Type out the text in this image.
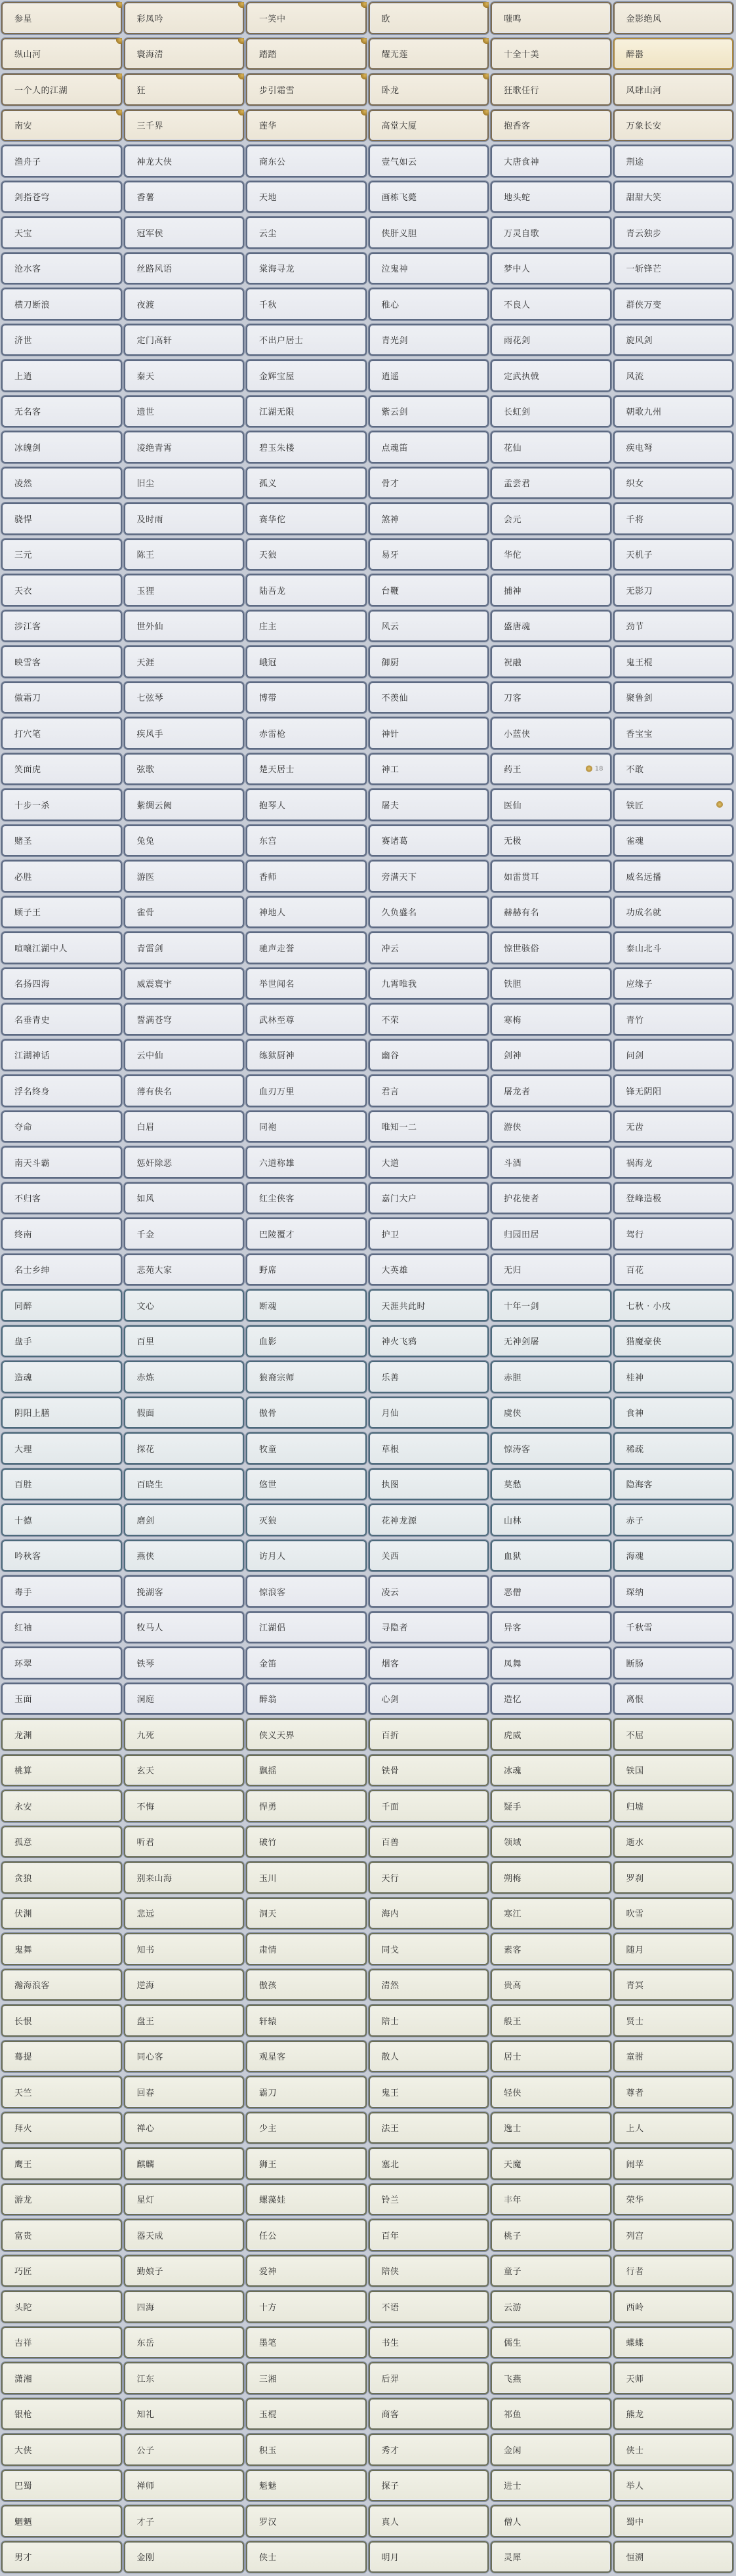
参星	彩凤吟	一笑中	欧	嗤鸣	金影绝风
纵山河	寰海清	踏踏	耀无莲	十全十美	醉嚣
一个人的江湖	狂	步引霜雪	卧龙	狂歌任行	风肆山河
南安	三千界	莲华	高堂大厦	抱香客	万象长安
渔舟子	神龙大侠	商东公	壹气如云	大唐食神	荆途
剑指苍穹	香薯	天地	画栋飞薨	地头蛇	甜甜大笑
天宝	冠军侯	云尘	侠肝义胆	万灵自歌	青云独步
沧水客	丝路风语	棠海寻龙	泣鬼神	梦中人	一斩锋芒
横刀断浪	夜渡	千秋	稚心	不良人	群侠万变
济世	定门高轩	不出户居士	青光剑	雨花剑	旋风剑
上逍	秦天	金辉宝屋	逍遥	定武执戟	风流
无名客	遗世	江湖无限	紫云剑	长虹剑	朝歌九州
冰魄剑	凌绝青霄	碧玉朱楼	点魂笛	花仙	疾电弩
凌然	旧尘	孤义	骨才	孟尝君	织女
骁悍	及时雨	赛华佗	煞神	会元	千将
三元	陈王	天狼	易牙	华佗	天机子
天衣	玉狸	陆吾龙	台鞭	捕神	无影刀
涉江客	世外仙	庄主	风云	盛唐魂	劲节
映雪客	天涯	峨冠	御厨	祝融	鬼王棍
傲霜刀	七弦琴	博带	不羡仙	刀客	聚鲁剑
打穴笔	疾风手	赤雷枪	神针	小蓝侠	香宝宝
笑面虎	弦歌	楚天居士	神工	药王	18	不敢
十步一杀	紫绸云阙	抱琴人	屠夫	医仙	铁匠
赌圣	兔兔	东宫	赛诸葛	无极	雀魂
必胜	游医	香师	旁满天下	如雷贯耳	威名远播
顾子王	雀骨	神地人	久负盛名	赫赫有名	功成名就
喧嚷江湖中人	青雷剑	驰声走誉	冲云	惊世骇俗	泰山北斗
名扬四海	威震寰宇	举世闻名	九霄唯我	铁胆	应缘子
名垂青史	誓满苍穹	武林至尊	不荣	寒梅	青竹
江湖神话	云中仙	练狱厨神	幽谷	剑神	问剑
浮名终身	薄有侠名	血刃万里	君言	屠龙者	锋无阴阳
夺命	白眉	同袍	唯知一二	游侠	无齿
南天斗霸	惩奸除恶	六道称雄	大道	斗酒	祸海龙
不归客	如风	红尘侠客	嘉门大户	护花使者	登峰造极
终南	千金	巴陵覆才	护卫	归园田居	驾行
名士乡绅	悲苑大家	野席	大英雄	无归	百花
同醉	文心	断魂	天涯共此时	十年一剑	七秋 · 小戌
盘手	百里	血影	神火飞鸦	无神剑屠	猎魔豪侠
造魂	赤炼	狼裔宗师	乐善	赤胆	桂神
阴阳上膳	假面	傲骨	月仙	虞侠	食神
大理	探花	牧童	草根	惊涛客	稀疏
百胜	百晓生	悠世	执图	莫愁	隐海客
十德	磨剑	灭狼	花神龙源	山林	赤子
吟秋客	燕侠	访月人	关西	血狱	海魂
毒手	挽湖客	惊浪客	凌云	恶僧	琛纳
红袖	牧马人	江湖侣	寻隐者	异客	千秋雪
环翠	铁琴	金笛	烟客	凤舞	断肠
玉面	洞庭	醉翁	心剑	造忆	离恨
龙渊	九死	侠义天界	百折	虎威	不屈
桃算	玄天	飘摇	铁骨	冰魂	铁国
永安	不悔	悍勇	千面	疑手	归墟
孤意	听君	破竹	百兽	领域	逝水
贪狼	别来山海	玉川	天行	朔梅	罗刹
伏渊	悲远	洞天	海内	寒江	吹雪
鬼舞	知书	肃情	同戈	素客	随月
瀚海浪客	逆海	傲孩	清然	贵高	青冥
长恨	盘王	轩辕	陪士	般王	贤士
蓦提	同心客	观星客	散人	居士	童驸
天竺	回春	霸刀	鬼王	轻侠	尊者
拜火	禅心	少主	法王	逸士	上人
鹰王	麒麟	狮王	塞北	天魔	闹苹
游龙	星灯	螺藻娃	铃兰	丰年	荣华
富贵	器天成	任公	百年	桃子	列宫
巧匠	勤娘子	爱神	陪侠	童子	行者
头陀	四海	十方	不语	云游	西岭
吉祥	东岳	墨笔	书生	儒生	蝶蝶
潇湘	江东	三湘	后羿	飞燕	天师
银枪	知礼	玉棍	商客	祁鱼	熊龙
大侠	公子	积玉	秀才	金闲	侠士
巴蜀	禅师	魁魅	探子	进士	举人
魍魉	才子	罗汉	真人	僧人	蜀中
男才	金刚	侠士	明月	灵犀	恒溯
